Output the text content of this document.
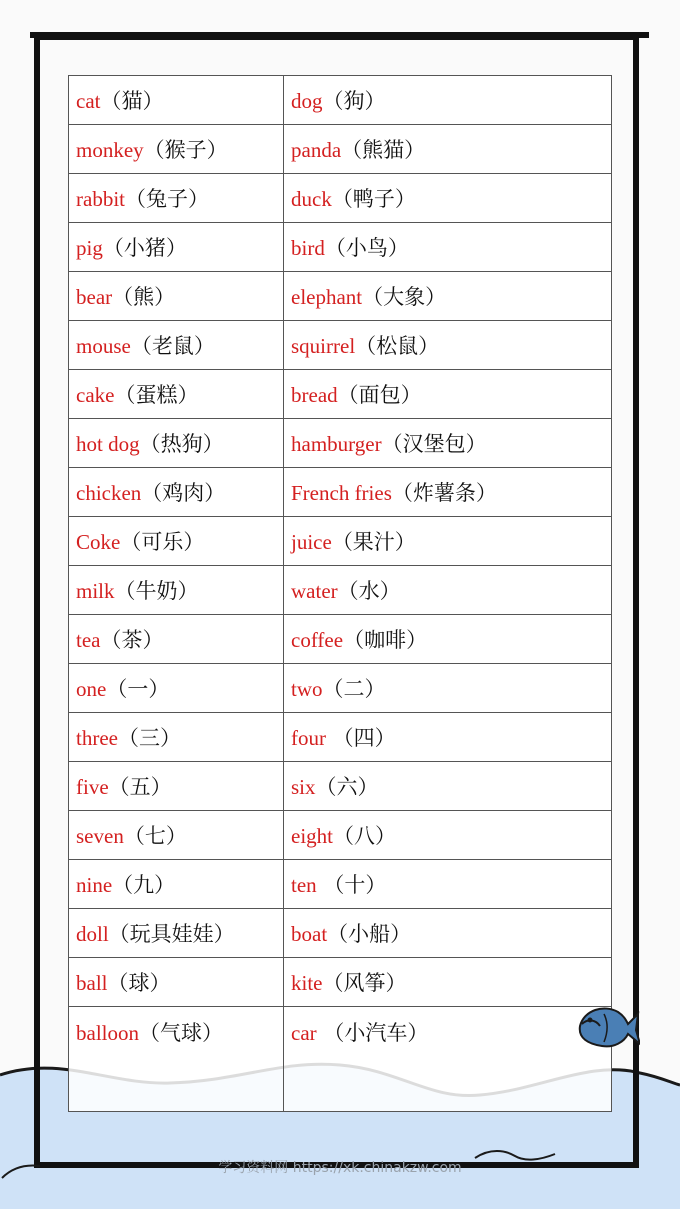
cat（猫）	dog（狗）
monkey（猴子）	panda（熊猫）
rabbit（兔子）	duck（鸭子）
pig（小猪）	bird（小鸟）
bear（熊）	elephant（大象）
mouse（老鼠）	squirrel（松鼠）
cake（蛋糕）	bread（面包）
hot dog（热狗）	hamburger（汉堡包）
chicken（鸡肉）	French fries（炸薯条）
Coke（可乐）	juice（果汁）
milk（牛奶）	water（水）
tea（茶）	coffee（咖啡）
one（一）	two（二）
three（三）	four （四）
five（五）	six（六）
seven（七）	eight（八）
nine（九）	ten （十）
doll（玩具娃娃）	boat（小船）
ball（球）	kite（风筝）
balloon（气球）	car （小汽车）
学习资料网 https://xk.chinakzw.com
